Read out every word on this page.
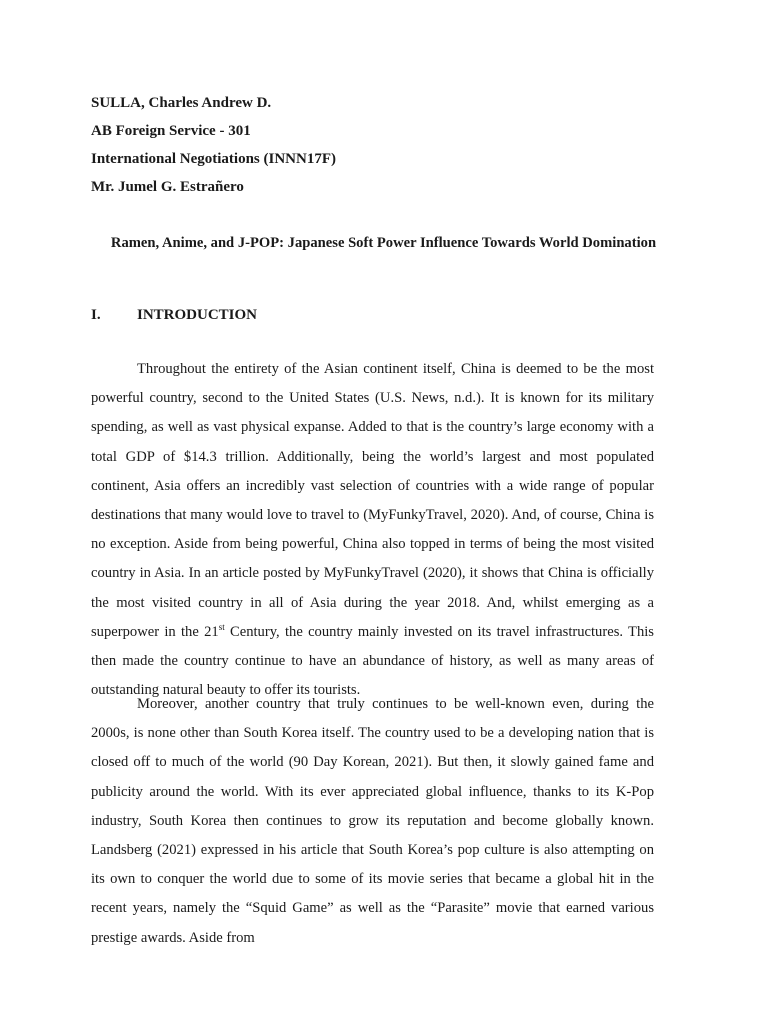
SULLA, Charles Andrew D.
AB Foreign Service - 301
International Negotiations (INNN17F)
Mr. Jumel G. Estrañero
Ramen, Anime, and J-POP: Japanese Soft Power Influence Towards World Domination
I. INTRODUCTION

Throughout the entirety of the Asian continent itself, China is deemed to be the most powerful country, second to the United States (U.S. News, n.d.). It is known for its military spending, as well as vast physical expanse. Added to that is the country’s large economy with a total GDP of $14.3 trillion. Additionally, being the world’s largest and most populated continent, Asia offers an incredibly vast selection of countries with a wide range of popular destinations that many would love to travel to (MyFunkyTravel, 2020). And, of course, China is no exception. Aside from being powerful, China also topped in terms of being the most visited country in Asia. In an article posted by MyFunkyTravel (2020), it shows that China is officially the most visited country in all of Asia during the year 2018. And, whilst emerging as a superpower in the 21st Century, the country mainly invested on its travel infrastructures. This then made the country continue to have an abundance of history, as well as many areas of outstanding natural beauty to offer its tourists.

Moreover, another country that truly continues to be well-known even, during the 2000s, is none other than South Korea itself. The country used to be a developing nation that is closed off to much of the world (90 Day Korean, 2021). But then, it slowly gained fame and publicity around the world. With its ever appreciated global influence, thanks to its K-Pop industry, South Korea then continues to grow its reputation and become globally known. Landsberg (2021) expressed in his article that South Korea’s pop culture is also attempting on its own to conquer the world due to some of its movie series that became a global hit in the recent years, namely the “Squid Game” as well as the “Parasite” movie that earned various prestige awards. Aside from
